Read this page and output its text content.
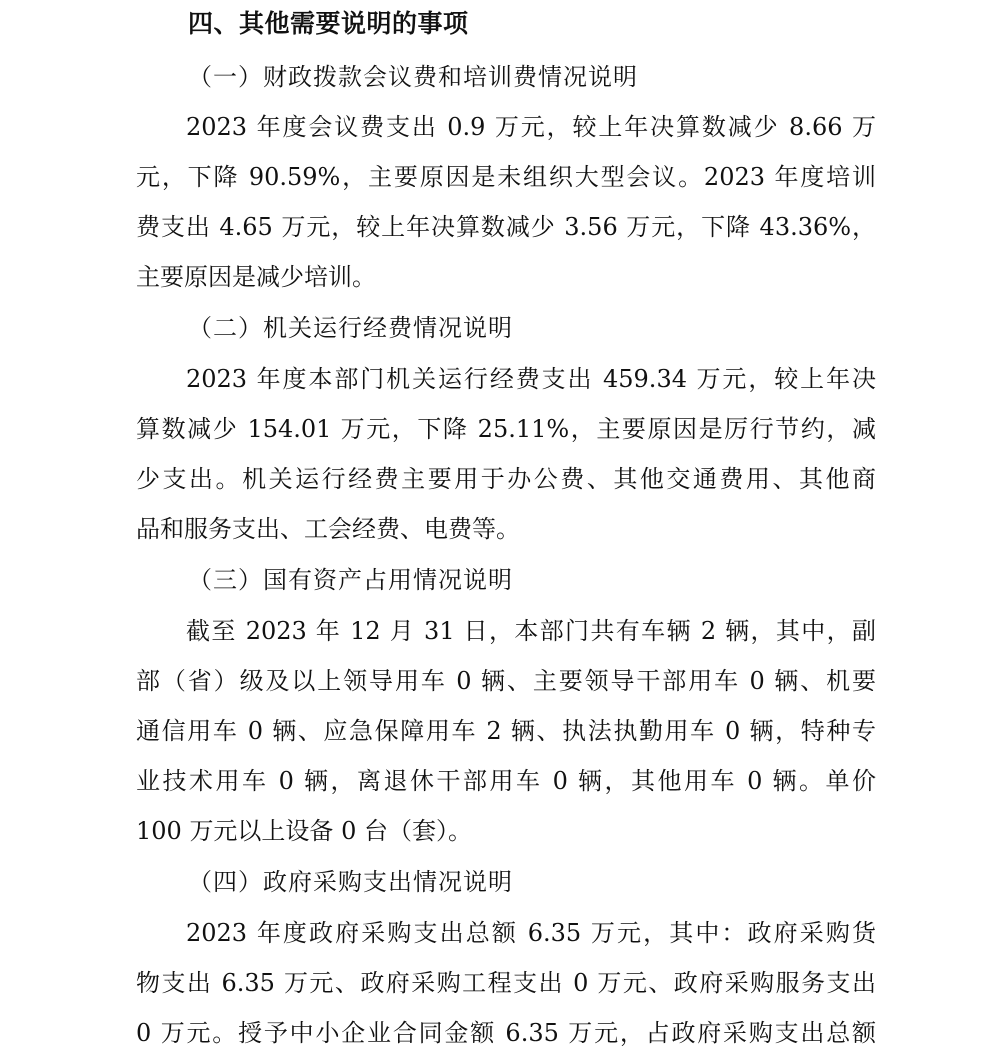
四、其他需要说明的事项
（一）财政拨款会议费和培训费情况说明
2023 年度会议费支出 0.9 万元，较上年决算数减少 8.66 万
元，下降 90.59%，主要原因是未组织大型会议。2023 年度培训
费支出 4.65 万元，较上年决算数减少 3.56 万元，下降 43.36%，
主要原因是减少培训。
（二）机关运行经费情况说明
2023 年度本部门机关运行经费支出 459.34 万元，较上年决
算数减少 154.01 万元，下降 25.11%，主要原因是厉行节约，减
少支出。机关运行经费主要用于办公费、其他交通费用、其他商
品和服务支出、工会经费、电费等。
（三）国有资产占用情况说明
截至 2023 年 12 月 31 日，本部门共有车辆 2 辆，其中，副
部（省）级及以上领导用车 0 辆、主要领导干部用车 0 辆、机要
通信用车 0 辆、应急保障用车 2 辆、执法执勤用车 0 辆，特种专
业技术用车 0 辆，离退休干部用车 0 辆，其他用车 0 辆。单价
100 万元以上设备 0 台（套）。
（四）政府采购支出情况说明
2023 年度政府采购支出总额 6.35 万元，其中：政府采购货
物支出 6.35 万元、政府采购工程支出 0 万元、政府采购服务支出
0 万元。授予中小企业合同金额 6.35 万元，占政府采购支出总额
